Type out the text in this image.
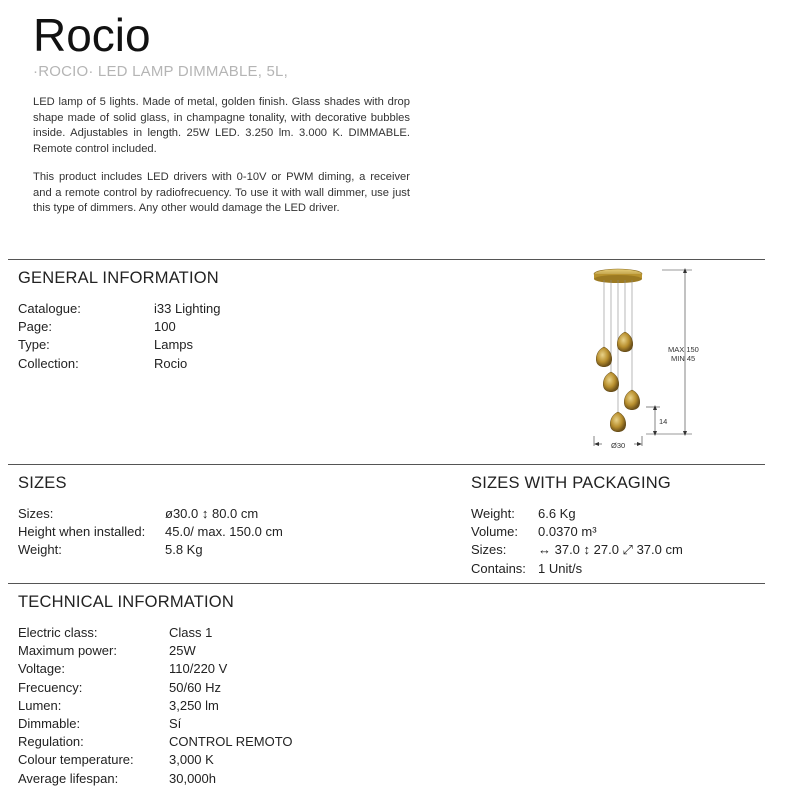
Rocio
·ROCIO· LED LAMP DIMMABLE, 5L,
LED lamp of 5 lights. Made of metal, golden finish. Glass shades with drop shape made of solid glass, in champagne tonality, with decorative bubbles inside. Adjustables in length. 25W LED. 3.250 lm. 3.000 K. DIMMABLE. Remote control included.
This product includes LED drivers with 0-10V or PWM diming, a receiver and a remote control by radiofrecuency. To use it with wall dimmer, use just this type of dimmers. Any other would damage the LED driver.
GENERAL INFORMATION
Catalogue:	i33 Lighting
Page:	100
Type:	Lamps
Collection:	Rocio
MAX 150
MIN 45
14
Ø30
SIZES
Sizes:	ø30.0 ↕ 80.0 cm
Height when installed: 45.0/ max. 150.0 cm
Weight:	5.8 Kg
SIZES WITH PACKAGING
Weight: 6.6 Kg
Volume: 0.0370 m³
Sizes: ↔ 37.0 ↕ 27.0 ⤢ 37.0 cm
Contains: 1 Unit/s
TECHNICAL INFORMATION
Electric class:	Class 1
Maximum power:	25W
Voltage:	110/220 V
Frecuency:	50/60 Hz
Lumen:	3,250 lm
Dimmable:	Sí
Regulation:	CONTROL REMOTO
Colour temperature:	3,000 K
Average lifespan:	30,000h
